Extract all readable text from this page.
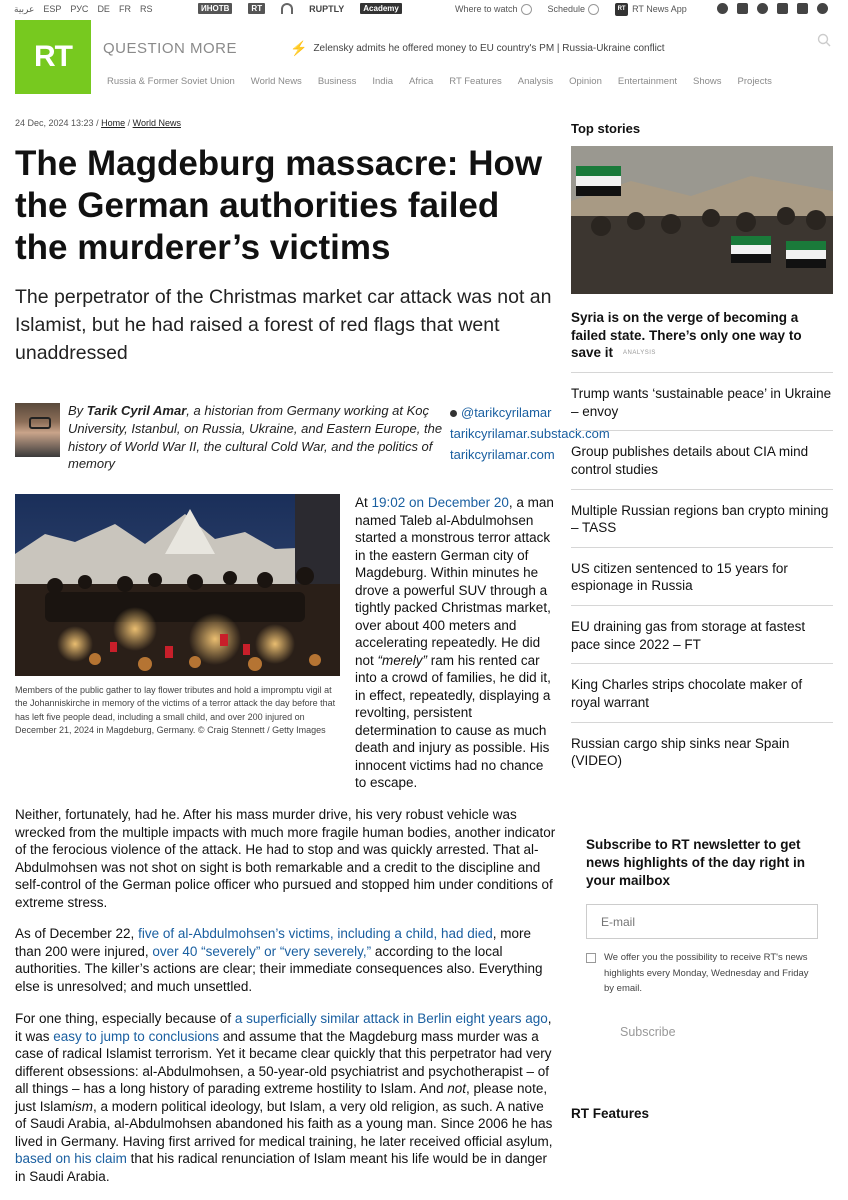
عربية ESP РУС DE FR RS	ИНОТВ	RT	RUPTLY	Academy	Where to watch	Schedule	RT RT News App
RT	QUESTION MORE	⚡ Zelensky admits he offered money to EU country's PM | Russia-Ukraine conflict
Russia & Former Soviet Union World News Business India Africa RT Features Analysis Opinion Entertainment Shows Projects
24 Dec, 2024 13:23 / Home / World News
The Magdeburg massacre: How the German authorities failed the murderer’s victims

The perpetrator of the Christmas market car attack was not an Islamist, but he had raised a forest of red flags that went unaddressed

By Tarik Cyril Amar, a historian from Germany working at Koç University, Istanbul, on Russia, Ukraine, and Eastern Europe, the history of World War II, the cultural Cold War, and the politics of memory
@tarikcyrilamar
tarikcyrilamar.substack.com
tarikcyrilamar.com

Members of the public gather to lay flower tributes and hold a impromptu vigil at the Johanniskirche in memory of the victims of a terror attack the day before that has left five people dead, including a small child, and over 200 injured on December 21, 2024 in Magdeburg, Germany. © Craig Stennett / Getty Images

At 19:02 on December 20, a man named Taleb al-Abdulmohsen started a monstrous terror attack in the eastern German city of Magdeburg. Within minutes he drove a powerful SUV through a tightly packed Christmas market, over about 400 meters and accelerating repeatedly. He did not “merely” ram his rented car into a crowd of families, he did it, in effect, repeatedly, displaying a revolting, persistent determination to cause as much death and injury as possible. His innocent victims had no chance to escape.

Neither, fortunately, had he. After his mass murder drive, his very robust vehicle was wrecked from the multiple impacts with much more fragile human bodies, another indicator of the ferocious violence of the attack. He had to stop and was quickly arrested. That al-Abdulmohsen was not shot on sight is both remarkable and a credit to the discipline and self-control of the German police officer who pursued and stopped him under conditions of extreme stress.

As of December 22, five of al-Abdulmohsen’s victims, including a child, had died, more than 200 were injured, over 40 “severely” or “very severely,” according to the local authorities. The killer’s actions are clear; their immediate consequences also. Everything else is unresolved; and much unsettled.

For one thing, especially because of a superficially similar attack in Berlin eight years ago, it was easy to jump to conclusions and assume that the Magdeburg mass murder was a case of radical Islamist terrorism. Yet it became clear quickly that this perpetrator had very different obsessions: al-Abdulmohsen, a 50-year-old psychiatrist and psychotherapist – of all things – has a long history of parading extreme hostility to Islam. And not, please note, just Islamism, a modern political ideology, but Islam, a very old religion, as such. A native of Saudi Arabia, al-Abdulmohsen abandoned his faith as a young man. Since 2006 he has lived in Germany. Having first arrived for medical training, he later received official asylum, based on his claim that his radical renunciation of Islam meant his life would be in danger in Saudi Arabia.

Top stories
Syria is on the verge of becoming a failed state. There’s only one way to save it ANALYSIS
Trump wants ‘sustainable peace’ in Ukraine – envoy
Group publishes details about CIA mind control studies
Multiple Russian regions ban crypto mining – TASS
US citizen sentenced to 15 years for espionage in Russia
EU draining gas from storage at fastest pace since 2022 – FT
King Charles strips chocolate maker of royal warrant
Russian cargo ship sinks near Spain (VIDEO)
Subscribe to RT newsletter to get news highlights of the day right in your mailbox
E-mail
We offer you the possibility to receive RT's news highlights every Monday, Wednesday and Friday by email.
Subscribe
RT Features
